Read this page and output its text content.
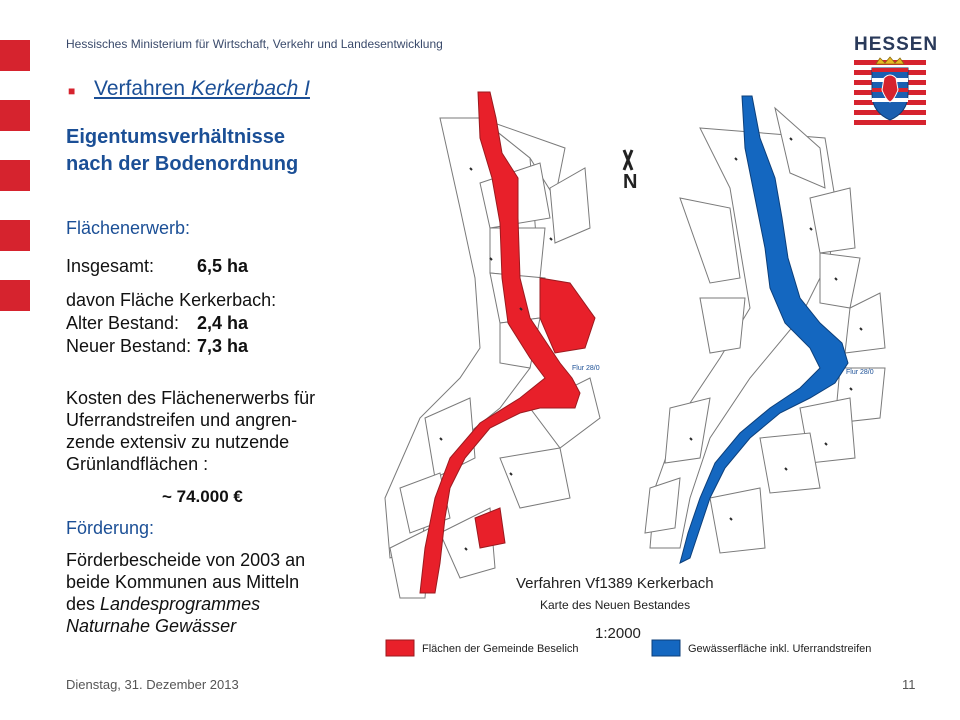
Hessisches Ministerium für Wirtschaft, Verkehr und Landesentwicklung	HESSEN
■ Verfahren Kerkerbach I
Eigentumsverhältnisse
nach der Bodenordnung
Flächenerwerb:
Insgesamt: 6,5 ha
davon Fläche Kerkerbach:
Alter Bestand: 2,4 ha
Neuer Bestand: 7,3 ha
Kosten des Flächenerwerbs für
Uferrandstreifen und angren-
zende extensiv zu nutzende
Grünlandflächen :
~ 74.000 €
Förderung:
Förderbescheide von 2003 an
beide Kommunen aus Mitteln
des Landesprogrammes
Naturnahe Gewässer
Flur 28/0
N
Flur 28/0
Verfahren Vf1389 Kerkerbach
Karte des Neuen Bestandes
1:2000
Flächen der Gemeinde Beselich	Gewässerfläche inkl. Uferrandstreifen
Dienstag, 31. Dezember 2013	11
